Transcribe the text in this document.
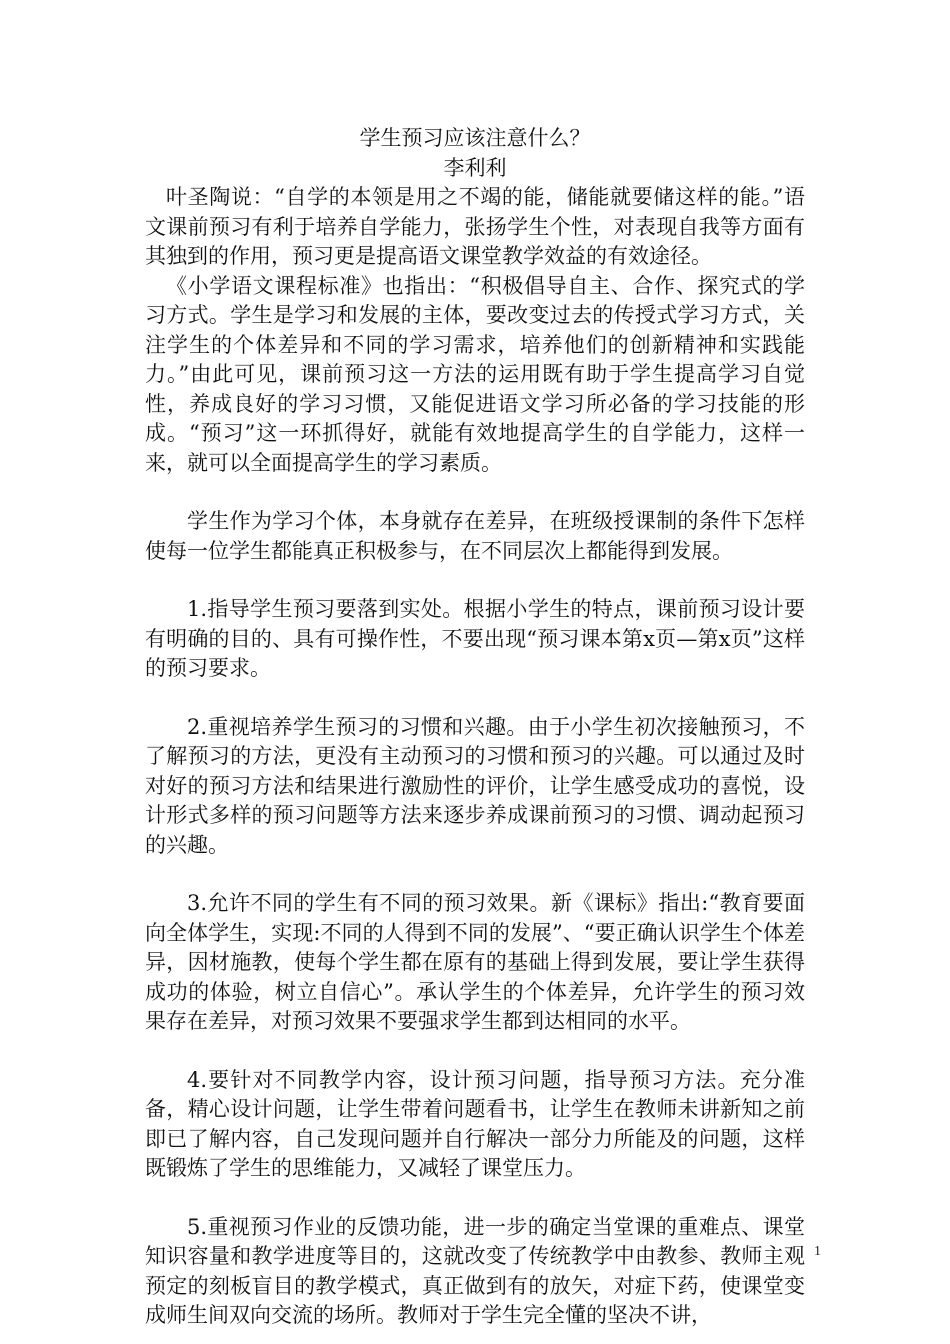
学生预习应该注意什么？

李利利

叶圣陶说：“自学的本领是用之不竭的能，储能就要储这样的能。”语文课前预习有利于培养自学能力，张扬学生个性，对表现自我等方面有其独到的作用，预习更是提高语文课堂教学效益的有效途径。

《小学语文课程标准》也指出：“积极倡导自主、合作、探究式的学习方式。学生是学习和发展的主体，要改变过去的传授式学习方式，关注学生的个体差异和不同的学习需求，培养他们的创新精神和实践能力。”由此可见，课前预习这一方法的运用既有助于学生提高学习自觉性，养成良好的学习习惯，又能促进语文学习所必备的学习技能的形成。“预习”这一环抓得好，就能有效地提高学生的自学能力，这样一来，就可以全面提高学生的学习素质。

学生作为学习个体，本身就存在差异，在班级授课制的条件下怎样使每一位学生都能真正积极参与，在不同层次上都能得到发展。

1.指导学生预习要落到实处。根据小学生的特点，课前预习设计要有明确的目的、具有可操作性，不要出现“预习课本第x页—第x页”这样的预习要求。

2.重视培养学生预习的习惯和兴趣。由于小学生初次接触预习，不了解预习的方法，更没有主动预习的习惯和预习的兴趣。可以通过及时对好的预习方法和结果进行激励性的评价，让学生感受成功的喜悦，设计形式多样的预习问题等方法来逐步养成课前预习的习惯、调动起预习的兴趣。

3.允许不同的学生有不同的预习效果。新《课标》指出:“教育要面向全体学生，实现:不同的人得到不同的发展”、“要正确认识学生个体差异，因材施教，使每个学生都在原有的基础上得到发展，要让学生获得成功的体验，树立自信心”。承认学生的个体差异，允许学生的预习效果存在差异，对预习效果不要强求学生都到达相同的水平。

4.要针对不同教学内容，设计预习问题，指导预习方法。充分准备，精心设计问题，让学生带着问题看书，让学生在教师未讲新知之前即已了解内容，自己发现问题并自行解决一部分力所能及的问题，这样既锻炼了学生的思维能力，又减轻了课堂压力。

5.重视预习作业的反馈功能，进一步的确定当堂课的重难点、课堂知识容量和教学进度等目的，这就改变了传统教学中由教参、教师主观预定的刻板盲目的教学模式，真正做到有的放矢，对症下药，使课堂变成师生间双向交流的场所。教师对于学生完全懂的坚决不讲，

1
